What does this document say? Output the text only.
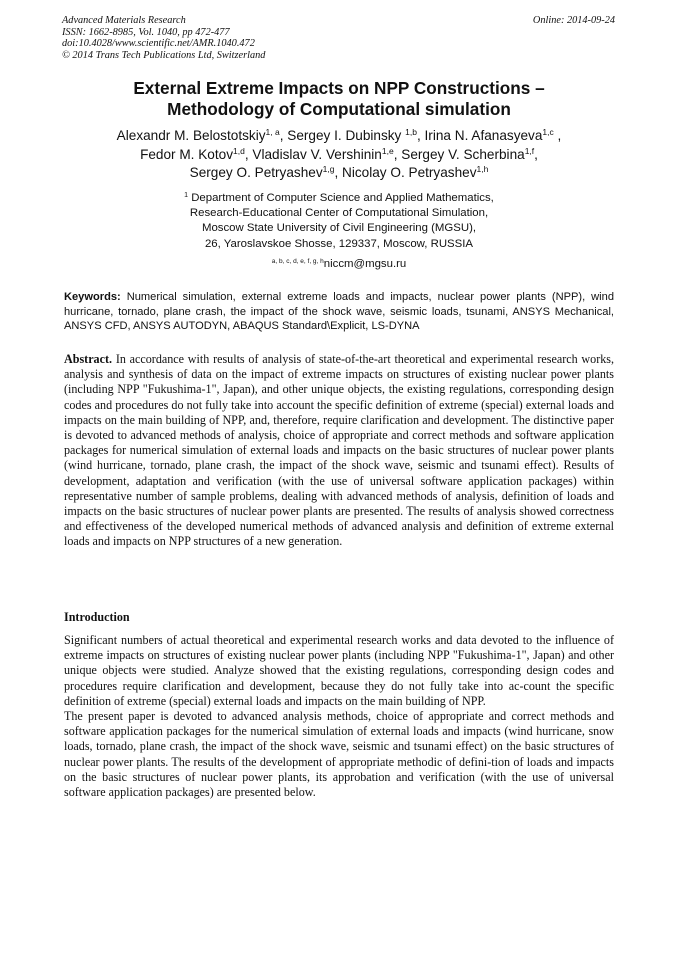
Advanced Materials Research
ISSN: 1662-8985, Vol. 1040, pp 472-477
doi:10.4028/www.scientific.net/AMR.1040.472
© 2014 Trans Tech Publications Ltd, Switzerland
Online: 2014-09-24
External Extreme Impacts on NPP Constructions –
Methodology of Computational simulation
Alexandr M. Belostotskiy$^{1, a}$, Sergey I. Dubinsky $^{1,b}$, Irina N. Afanasyeva$^{1,c}$ ,
Fedor M. Kotov$^{1,d}$, Vladislav V. Vershinin$^{1,e}$, Sergey V. Scherbina$^{1,f}$,
Sergey O. Petryashev$^{1,g}$, Nicolay O. Petryashev$^{1,h}$
$^1$ Department of Computer Science and Applied Mathematics,
Research-Educational Center of Computational Simulation,
Moscow State University of Civil Engineering (MGSU),
26, Yaroslavskoe Shosse, 129337, Moscow, RUSSIA
$^{a, b, c, d, e, f, g, h}$niccm@mgsu.ru
Keywords: Numerical simulation, external extreme loads and impacts, nuclear power plants (NPP), wind hurricane, tornado, plane crash, the impact of the shock wave, seismic loads, tsunami, ANSYS Mechanical, ANSYS CFD, ANSYS AUTODYN, ABAQUS Standard\Explicit, LS-DYNA
Abstract. In accordance with results of analysis of state-of-the-art theoretical and experimental research works, analysis and synthesis of data on the impact of extreme impacts on structures of existing nuclear power plants (including NPP "Fukushima-1", Japan), and other unique objects, the existing regulations, corresponding design codes and procedures do not fully take into account the specific definition of extreme (special) external loads and impacts on the main building of NPP, and, therefore, require clarification and development. The distinctive paper is devoted to advanced methods of analysis, choice of appropriate and correct methods and software application packages for numerical simulation of external loads and impacts on the basic structures of nuclear power plants (wind hurricane, tornado, plane crash, the impact of the shock wave, seismic and tsunami effect). Results of development, adaptation and verification (with the use of universal software application packages) within representative number of sample problems, dealing with advanced methods of analysis, definition of loads and impacts on the basic structures of nuclear power plants are presented. The results of analysis showed correctness and effectiveness of the developed numerical methods of advanced analysis and definition of extreme external loads and impacts on NPP structures of a new generation.
Introduction

Significant numbers of actual theoretical and experimental research works and data devoted to the influence of extreme impacts on structures of existing nuclear power plants (including NPP "Fukushima-1", Japan) and other unique objects were studied. Analyze showed that the existing regulations, corresponding design codes and procedures require clarification and development, because they do not fully take into ac-count the specific definition of extreme (special) external loads and impacts on the main building of NPP.

The present paper is devoted to advanced analysis methods, choice of appropriate and correct methods and software application packages for the numerical simulation of external loads and impacts (wind hurricane, snow loads, tornado, plane crash, the impact of the shock wave, seismic and tsunami effect) on the basic structures of nuclear power plants. The results of the development of appropriate methodic of defini-tion of loads and impacts on the basic structures of nuclear power plants, its approbation and verification (with the use of universal software application packages) are presented below.
